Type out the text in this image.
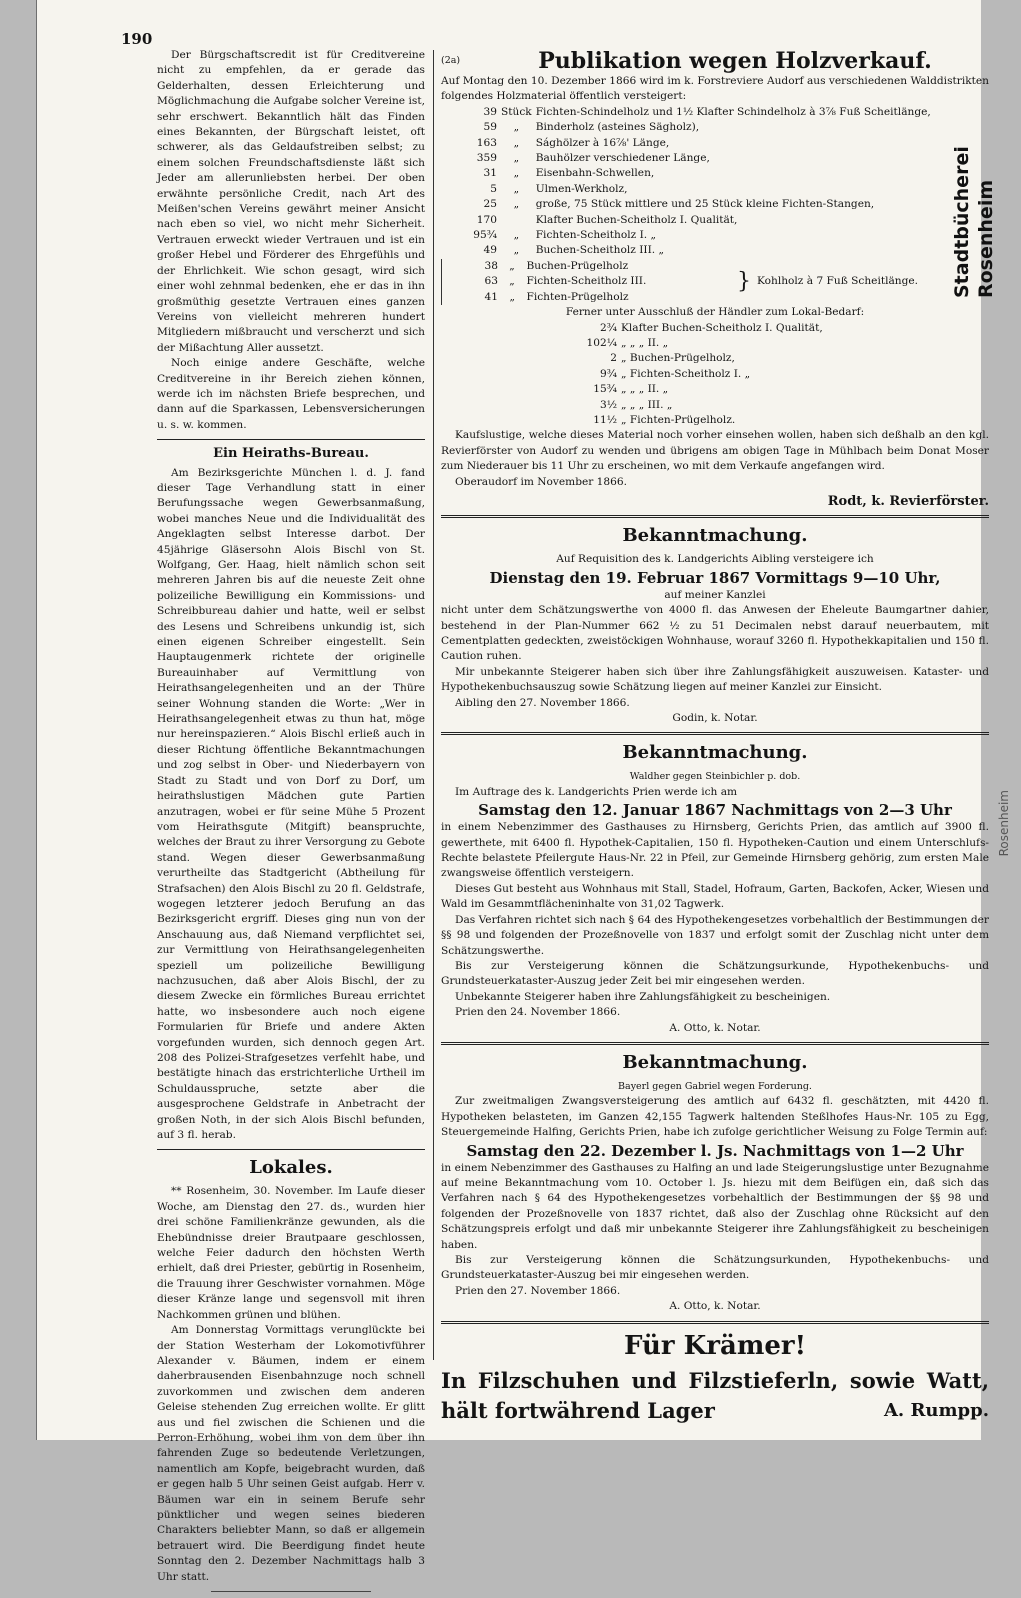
190

Der Bürgschaftscredit ist für Creditvereine nicht zu empfehlen, da er gerade das Gelderhalten, dessen Erleichterung und Möglichmachung die Aufgabe solcher Vereine ist, sehr erschwert. Bekanntlich hält das Finden eines Bekannten, der Bürgschaft leistet, oft schwerer, als das Geldaufstreiben selbst; zu einem solchen Freundschaftsdienste läßt sich Jeder am allerunliebsten herbei. Der oben erwähnte persönliche Credit, nach Art des Meißen'schen Vereins gewährt meiner Ansicht nach eben so viel, wo nicht mehr Sicherheit. Vertrauen erweckt wieder Vertrauen und ist ein großer Hebel und Förderer des Ehrgefühls und der Ehrlichkeit. Wie schon gesagt, wird sich einer wohl zehnmal bedenken, ehe er das in ihn großmüthig gesetzte Vertrauen eines ganzen Vereins von vielleicht mehreren hundert Mitgliedern mißbraucht und verscherzt und sich der Mißachtung Aller aussetzt.

Noch einige andere Geschäfte, welche Creditvereine in ihr Bereich ziehen können, werde ich im nächsten Briefe besprechen, und dann auf die Sparkassen, Lebensversicherungen u. s. w. kommen.

Ein Heiraths-Bureau.

Am Bezirksgerichte München l. d. J. fand dieser Tage Verhandlung statt in einer Berufungssache wegen Gewerbsanmaßung, wobei manches Neue und die Individualität des Angeklagten selbst Interesse darbot. Der 45jährige Gläsersohn Alois Bischl von St. Wolfgang, Ger. Haag, hielt nämlich schon seit mehreren Jahren bis auf die neueste Zeit ohne polizeiliche Bewilligung ein Kommissions- und Schreibbureau dahier und hatte, weil er selbst des Lesens und Schreibens unkundig ist, sich einen eigenen Schreiber eingestellt. Sein Hauptaugenmerk richtete der originelle Bureauinhaber auf Vermittlung von Heirathsangelegenheiten und an der Thüre seiner Wohnung standen die Worte: „Wer in Heirathsangelegenheit etwas zu thun hat, möge nur hereinspazieren.“ Alois Bischl erließ auch in dieser Richtung öffentliche Bekanntmachungen und zog selbst in Ober- und Niederbayern von Stadt zu Stadt und von Dorf zu Dorf, um heirathslustigen Mädchen gute Partien anzutragen, wobei er für seine Mühe 5 Prozent vom Heirathsgute (Mitgift) beanspruchte, welches der Braut zu ihrer Versorgung zu Gebote stand. Wegen dieser Gewerbsanmaßung verurtheilte das Stadtgericht (Abtheilung für Strafsachen) den Alois Bischl zu 20 fl. Geldstrafe, wogegen letzterer jedoch Berufung an das Bezirksgericht ergriff. Dieses ging nun von der Anschauung aus, daß Niemand verpflichtet sei, zur Vermittlung von Heirathsangelegenheiten speziell um polizeiliche Bewilligung nachzusuchen, daß aber Alois Bischl, der zu diesem Zwecke ein förmliches Bureau errichtet hatte, wo insbesondere auch noch eigene Formularien für Briefe und andere Akten vorgefunden wurden, sich dennoch gegen Art. 208 des Polizei-Strafgesetzes verfehlt habe, und bestätigte hinach das erstrichterliche Urtheil im Schuldausspruche, setzte aber die ausgesprochene Geldstrafe in Anbetracht der großen Noth, in der sich Alois Bischl befunden, auf 3 fl. herab.

Lokales.

** Rosenheim, 30. November. Im Laufe dieser Woche, am Dienstag den 27. ds., wurden hier drei schöne Familienkränze gewunden, als die Ehebündnisse dreier Brautpaare geschlossen, welche Feier dadurch den höchsten Werth erhielt, daß drei Priester, gebürtig in Rosenheim, die Trauung ihrer Geschwister vornahmen. Möge dieser Kränze lange und segensvoll mit ihren Nachkommen grünen und blühen.

Am Donnerstag Vormittags verunglückte bei der Station Westerham der Lokomotivführer Alexander v. Bäumen, indem er einem daherbrausenden Eisenbahnzuge noch schnell zuvorkommen und zwischen dem anderen Geleise stehenden Zug erreichen wollte. Er glitt aus und fiel zwischen die Schienen und die Perron-Erhöhung, wobei ihm von dem über ihn fahrenden Zuge so bedeutende Verletzungen, namentlich am Kopfe, beigebracht wurden, daß er gegen halb 5 Uhr seinen Geist aufgab. Herr v. Bäumen war ein in seinem Berufe sehr pünktlicher und wegen seines biederen Charakters beliebter Mann, so daß er allgemein betrauert wird. Die Beerdigung findet heute Sonntag den 2. Dezember Nachmittags halb 3 Uhr statt.

(2a)	Publikation wegen Holzverkauf.

Auf Montag den 10. Dezember 1866 wird im k. Forstreviere Audorf aus verschiedenen Walddistrikten folgendes Holzmaterial öffentlich versteigert:

39	Stück	Fichten-Schindelholz und 1½ Klafter Schindelholz à 3⅞ Fuß Scheitlänge,
59	„	Binderholz (asteines Sägholz),
163	„	Sághölzer à 16⅞' Länge,
359	„	Bauhölzer verschiedener Länge,
31	„	Eisenbahn-Schwellen,
5	„	Ulmen-Werkholz,
25	„	große, 75 Stück mittlere und 25 Stück kleine Fichten-Stangen,
170		Klafter Buchen-Scheitholz I. Qualität,
95¾	„	Fichten-Scheitholz I. „
49	„	Buchen-Scheitholz III. „
38	„	Buchen-Prügelholz
63	„	Fichten-Scheitholz III.
41	„	Fichten-Prügelholz
} Kohlholz à 7 Fuß Scheitlänge.

Ferner unter Ausschluß der Händler zum Lokal-Bedarf:

2¾	Klafter Buchen-Scheitholz I. Qualität,
102¼	„ „ „ II. „
2	„ Buchen-Prügelholz,
9¾	„ Fichten-Scheitholz I. „
15¾	„ „ „ II. „
3½	„ „ „ III. „
11½	„ Fichten-Prügelholz.

Kaufslustige, welche dieses Material noch vorher einsehen wollen, haben sich deßhalb an den kgl. Revierförster von Audorf zu wenden und übrigens am obigen Tage in Mühlbach beim Donat Moser zum Niederauer bis 11 Uhr zu erscheinen, wo mit dem Verkaufe angefangen wird.

Oberaudorf im November 1866.

Rodt, k. Revierförster.

Bekanntmachung.

Auf Requisition des k. Landgerichts Aibling versteigere ich

Dienstag den 19. Februar 1867 Vormittags 9—10 Uhr,

auf meiner Kanzlei

nicht unter dem Schätzungswerthe von 4000 fl. das Anwesen der Eheleute Baumgartner dahier, bestehend in der Plan-Nummer 662 ½ zu 51 Decimalen nebst darauf neuerbautem, mit Cementplatten gedeckten, zweistöckigen Wohnhause, worauf 3260 fl. Hypothekkapitalien und 150 fl. Caution ruhen.

Mir unbekannte Steigerer haben sich über ihre Zahlungsfähigkeit auszuweisen. Kataster- und Hypothekenbuchsauszug sowie Schätzung liegen auf meiner Kanzlei zur Einsicht.

Aibling den 27. November 1866.

Godin, k. Notar.

Bekanntmachung.

Waldher gegen Steinbichler p. dob.

Im Auftrage des k. Landgerichts Prien werde ich am

Samstag den 12. Januar 1867 Nachmittags von 2—3 Uhr

in einem Nebenzimmer des Gasthauses zu Hirnsberg, Gerichts Prien, das amtlich auf 3900 fl. gewerthete, mit 6400 fl. Hypothek-Capitalien, 150 fl. Hypotheken-Caution und einem Unterschlufs-Rechte belastete Pfeilergute Haus-Nr. 22 in Pfeil, zur Gemeinde Hirnsberg gehörig, zum ersten Male zwangsweise öffentlich versteigern.

Dieses Gut besteht aus Wohnhaus mit Stall, Stadel, Hofraum, Garten, Backofen, Acker, Wiesen und Wald im Gesammtflächeninhalte von 31,02 Tagwerk.

Das Verfahren richtet sich nach § 64 des Hypothekengesetzes vorbehaltlich der Bestimmungen der §§ 98 und folgenden der Prozeßnovelle von 1837 und erfolgt somit der Zuschlag nicht unter dem Schätzungswerthe.

Bis zur Versteigerung können die Schätzungsurkunde, Hypothekenbuchs- und Grundsteuerkataster-Auszug jeder Zeit bei mir eingesehen werden.

Unbekannte Steigerer haben ihre Zahlungsfähigkeit zu bescheinigen.

Prien den 24. November 1866.

A. Otto, k. Notar.

Bekanntmachung.

Bayerl gegen Gabriel wegen Forderung.

Zur zweitmaligen Zwangsversteigerung des amtlich auf 6432 fl. geschätzten, mit 4420 fl. Hypotheken belasteten, im Ganzen 42,155 Tagwerk haltenden Steßlhofes Haus-Nr. 105 zu Egg, Steuergemeinde Halfing, Gerichts Prien, habe ich zufolge gerichtlicher Weisung zu Folge Termin auf:

Samstag den 22. Dezember l. Js. Nachmittags von 1—2 Uhr

in einem Nebenzimmer des Gasthauses zu Halfing an und lade Steigerungslustige unter Bezugnahme auf meine Bekanntmachung vom 10. October l. Js. hiezu mit dem Beifügen ein, daß sich das Verfahren nach § 64 des Hypothekengesetzes vorbehaltlich der Bestimmungen der §§ 98 und folgenden der Prozeßnovelle von 1837 richtet, daß also der Zuschlag ohne Rücksicht auf den Schätzungspreis erfolgt und daß mir unbekannte Steigerer ihre Zahlungsfähigkeit zu bescheinigen haben.

Bis zur Versteigerung können die Schätzungsurkunden, Hypothekenbuchs- und Grundsteuerkataster-Auszug bei mir eingesehen werden.

Prien den 27. November 1866.

A. Otto, k. Notar.

Für Krämer!

In Filzschuhen und Filzstieferln, sowie Watt, hält fortwährend Lager	A. Rumpp.

Stadtbücherei Rosenheim
Rosenheim
